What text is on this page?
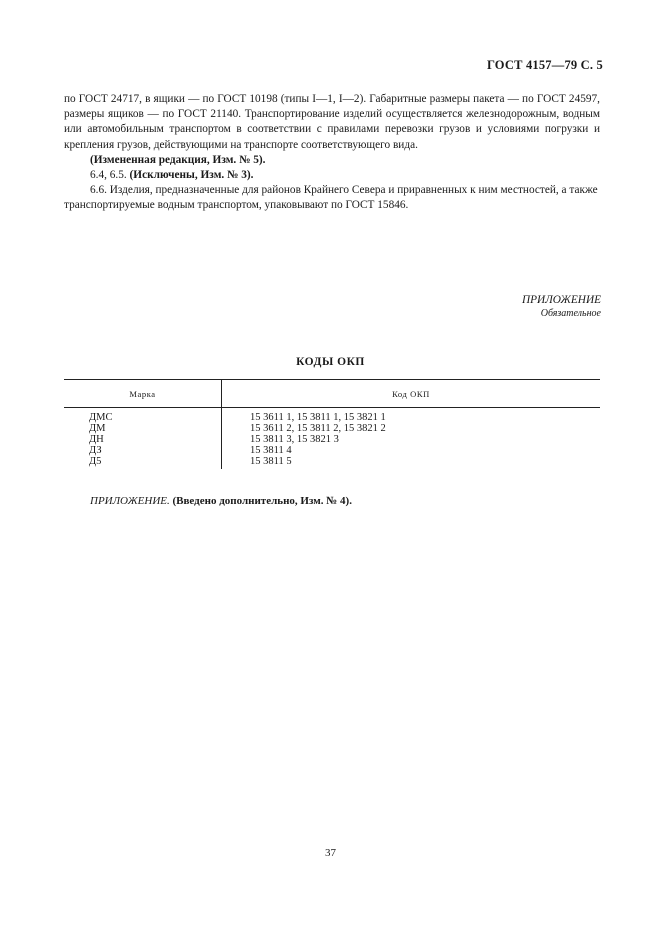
ГОСТ 4157—79 С. 5

по ГОСТ 24717, в ящики — по ГОСТ 10198 (типы I—1, I—2). Габаритные размеры пакета — по ГОСТ 24597, размеры ящиков — по ГОСТ 21140. Транспортирование изделий осуществляется железнодорожным, водным или автомобильным транспортом в соответствии с правилами перевозки грузов и условиями погрузки и крепления грузов, действующими на транспорте соответствующего вида.

(Измененная редакция, Изм. № 5).

6.4, 6.5. (Исключены, Изм. № 3).

6.6. Изделия, предназначенные для районов Крайнего Севера и приравненных к ним местностей, а также транспортируемые водным транспортом, упаковывают по ГОСТ 15846.

ПРИЛОЖЕНИЕ
Обязательное
КОДЫ ОКП
Марка	Код ОКП
ДМС	15 3611 1, 15 3811 1, 15 3821 1
ДМ	15 3611 2, 15 3811 2, 15 3821 2
ДН	15 3811 3, 15 3821 3
ДЗ	15 3811 4
Д5	15 3811 5
ПРИЛОЖЕНИЕ. (Введено дополнительно, Изм. № 4).
37
